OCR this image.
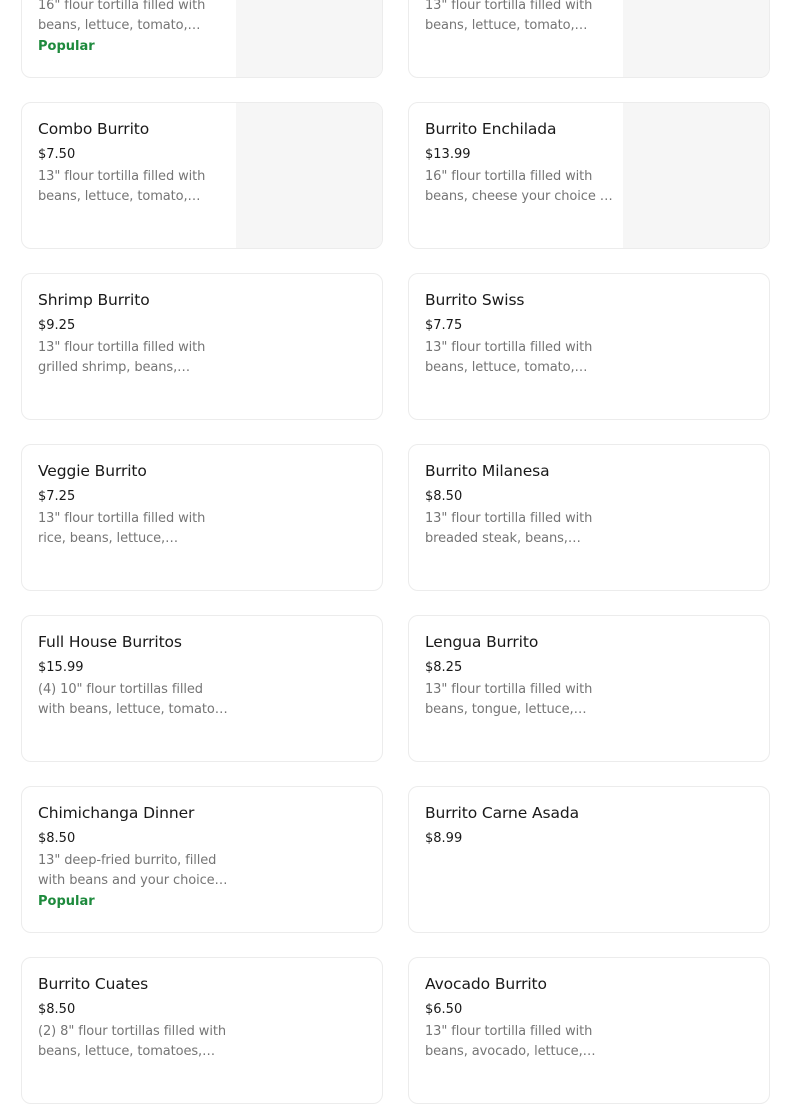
16" flour tortilla filled with beans, lettuce, tomato,
Popular
13" flour tortilla filled with beans, lettuce, tomato,
Combo Burrito
$7.50
13" flour tortilla filled with beans, lettuce, tomato,
Burrito Enchilada
$13.99
16" flour tortilla filled with beans, cheese your choice of
Shrimp Burrito
$9.25
13" flour tortilla filled with grilled shrimp, beans,
Burrito Swiss
$7.75
13" flour tortilla filled with beans, lettuce, tomato,
Veggie Burrito
$7.25
13" flour tortilla filled with rice, beans, lettuce,
Burrito Milanesa
$8.50
13" flour tortilla filled with breaded steak, beans,
Full House Burritos
$15.99
(4) 10" flour tortillas filled with beans, lettuce, tomato,
Lengua Burrito
$8.25
13" flour tortilla filled with beans, tongue, lettuce,
Chimichanga Dinner
$8.50
13" deep-fried burrito, filled with beans and your choice
Popular
Burrito Carne Asada
$8.99
Burrito Cuates
$8.50
(2) 8" flour tortillas filled with beans, lettuce, tomatoes,
Avocado Burrito
$6.50
13" flour tortilla filled with beans, avocado, lettuce,
